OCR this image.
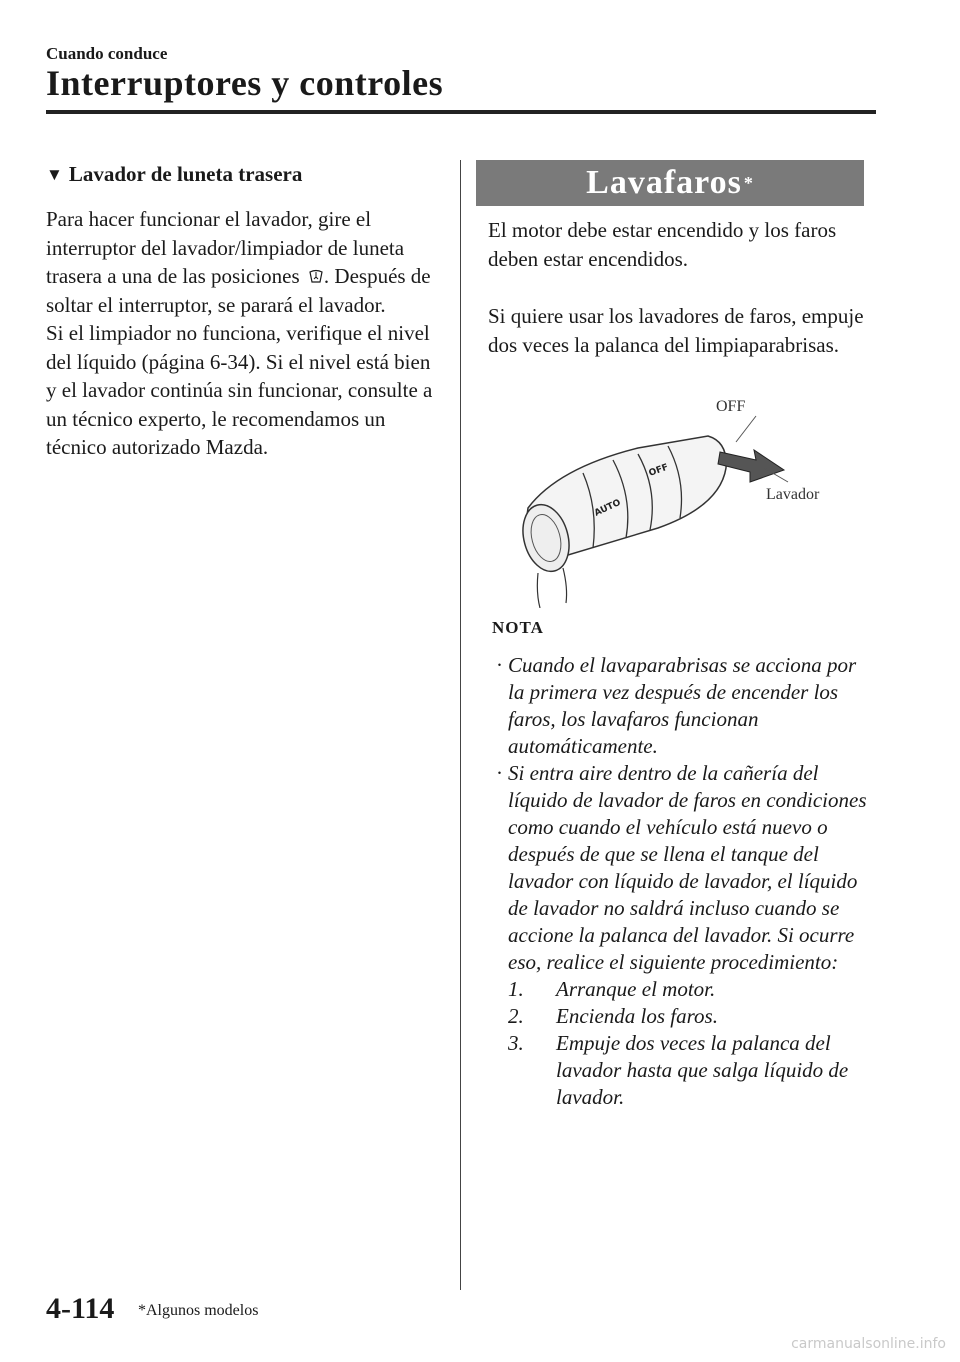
Cuando conduce
Interruptores y controles
▼ Lavador de luneta trasera

Para hacer funcionar el lavador, gire el interruptor del lavador/limpiador de luneta trasera a una de las posiciones . Después de soltar el interruptor, se parará el lavador.

Si el limpiador no funciona, verifique el nivel del líquido (página 6-34). Si el nivel está bien y el lavador continúa sin funcionar, consulte a un técnico experto, le recomendamos un técnico autorizado Mazda.

Lavafaros *

El motor debe estar encendido y los faros deben estar encendidos.

Si quiere usar los lavadores de faros, empuje dos veces la palanca del limpiaparabrisas.

AUTO
OFF
OFF
Lavador
NOTA

· Cuando el lavaparabrisas se acciona por la primera vez después de encender los faros, los lavafaros funcionan automáticamente.

· Si entra aire dentro de la cañería del líquido de lavador de faros en condiciones como cuando el vehículo está nuevo o después de que se llena el tanque del lavador con líquido de lavador, el líquido de lavador no saldrá incluso cuando se accione la palanca del lavador. Si ocurre eso, realice el siguiente procedimiento:

1. Arranque el motor.

2. Encienda los faros.

3. Empuje dos veces la palanca del lavador hasta que salga líquido de lavador.

4-114 *Algunos modelos
carmanualsonline.info
